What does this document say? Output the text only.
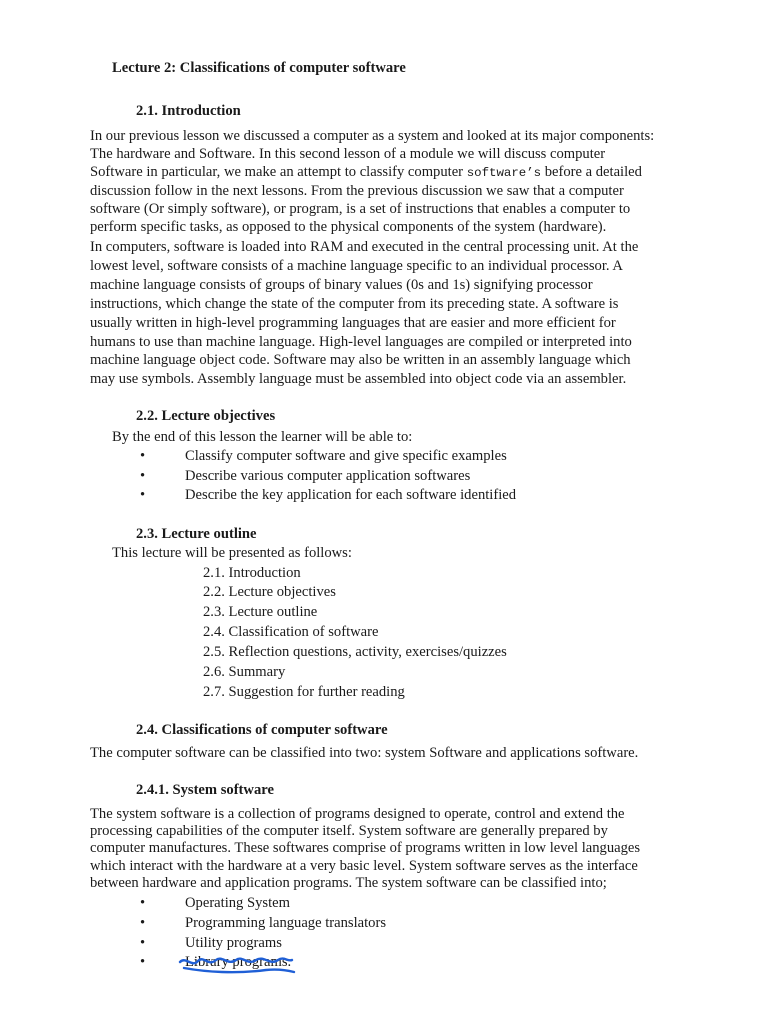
Lecture 2: Classifications of computer software
2.1. Introduction
In our previous lesson we discussed a computer as a system and looked at its major components:
The hardware and Software. In this second lesson of a module we will discuss computer
Software in particular, we make an attempt to classify computer software’s before a detailed
discussion follow in the next lessons. From the previous discussion we saw that a computer
software (Or simply software), or program, is a set of instructions that enables a computer to
perform specific tasks, as opposed to the physical components of the system (hardware).
In computers, software is loaded into RAM and executed in the central processing unit. At the
lowest level, software consists of a machine language specific to an individual processor. A
machine language consists of groups of binary values (0s and 1s) signifying processor
instructions, which change the state of the computer from its preceding state. A software is
usually written in high-level programming languages that are easier and more efficient for
humans to use than machine language. High-level languages are compiled or interpreted into
machine language object code. Software may also be written in an assembly language which
may use symbols. Assembly language must be assembled into object code via an assembler.
2.2. Lecture objectives
By the end of this lesson the learner will be able to:
•	Classify computer software and give specific examples
•	Describe various computer application softwares
•	Describe the key application for each software identified
2.3. Lecture outline
This lecture will be presented as follows:
2.1. Introduction
2.2. Lecture objectives
2.3. Lecture outline
2.4. Classification of software
2.5. Reflection questions, activity, exercises/quizzes
2.6. Summary
2.7. Suggestion for further reading
2.4. Classifications of computer software
The computer software can be classified into two: system Software and applications software.
2.4.1. System software
The system software is a collection of programs designed to operate, control and extend the
processing capabilities of the computer itself. System software are generally prepared by
computer manufactures. These softwares comprise of programs written in low level languages
which interact with the hardware at a very basic level. System software serves as the interface
between hardware and application programs. The system software can be classified into;
•	Operating System
•	Programming language translators
•	Utility programs
•	Library programs.
